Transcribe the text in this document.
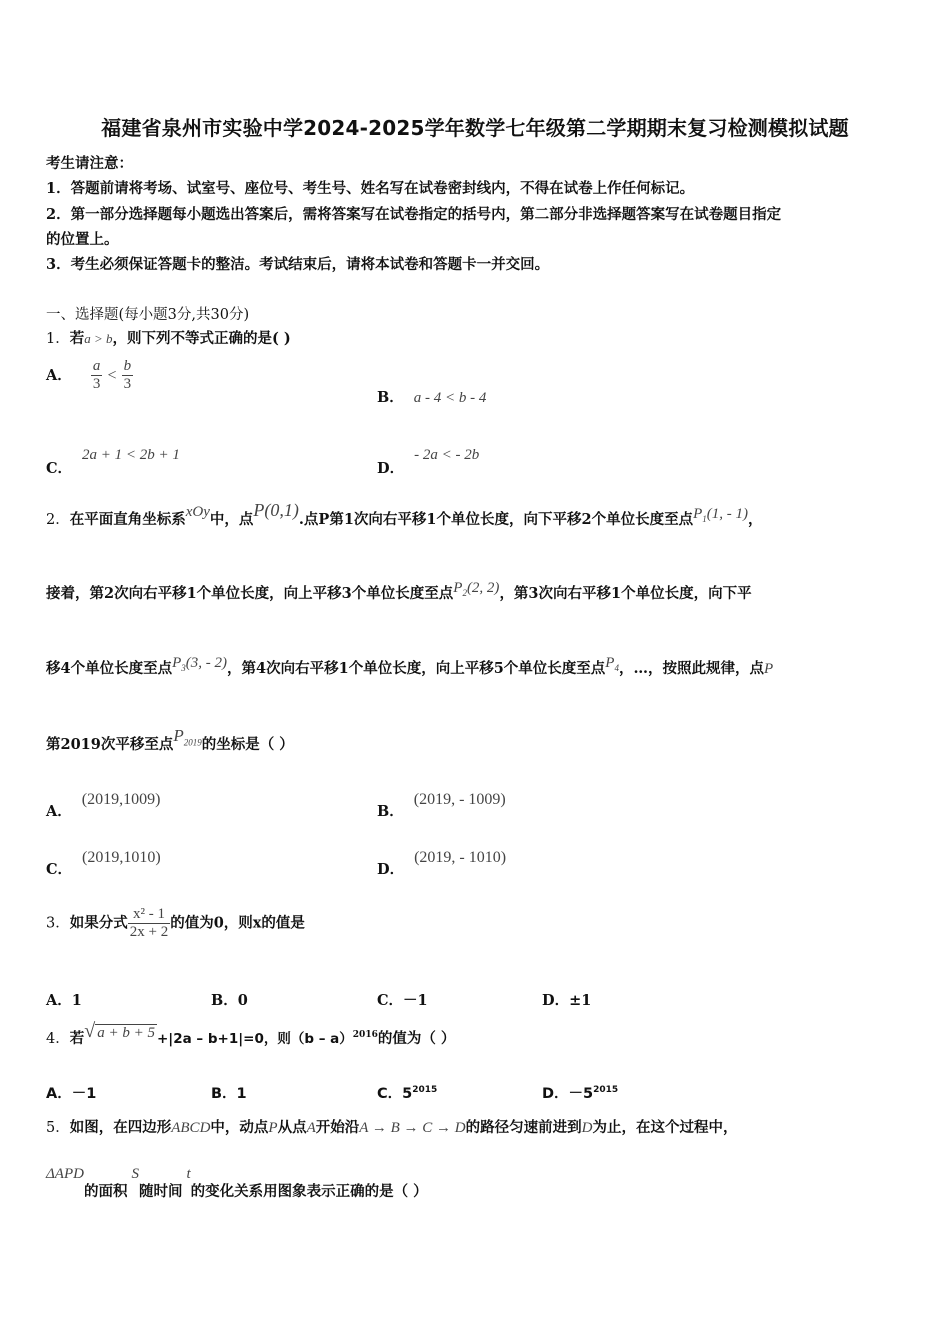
福建省泉州市实验中学2024-2025学年数学七年级第二学期期末复习检测模拟试题
考生请注意：
1．答题前请将考场、试室号、座位号、考生号、姓名写在试卷密封线内，不得在试卷上作任何标记。
2．第一部分选择题每小题选出答案后，需将答案写在试卷指定的括号内，第二部分非选择题答案写在试卷题目指定
的位置上。
3．考生必须保证答题卡的整洁。考试结束后，请将本试卷和答题卡一并交回。
一、选择题(每小题3分,共30分)
1．若a > b，则下列不等式正确的是( )
A． $\frac{a}{3} < \frac{b}{3}$
B． a - 4 < b - 4
C．2a + 1 < 2b + 1
D．- 2a < - 2b
2．在平面直角坐标系xOy中，点P(0,1).点P第1次向右平移1个单位长度，向下平移2个单位长度至点$P_1(1$, - 1)，
接着，第2次向右平移1个单位长度，向上平移3个单位长度至点$P_2(2$, 2)，第3次向右平移1个单位长度，向下平
移4个单位长度至点$P_3(3$, - 2)，第4次向右平移1个单位长度，向上平移5个单位长度至点$P_4$，…，按照此规律，点P
第2019次平移至点$P_{2019}$的坐标是（ ）
A．(2019,1009)
B．(2019, - 1009)
C．(2019,1010)
D．(2019, - 1010)
3．如果分式 $\frac{\text{x² - 1}}{2x + 2}$ 的值为0，则x的值是
A．1	B．0	C．－1	D．±1
4．若√ a + b + 5 +|2a – b+1|=0，则（b – a）$^{2016}$的值为（ ）
A．－1	B．1	C．$5^{2015}$	D．$-5^{2015}$
5．如图，在四边形ABCD中，动点P从点A开始沿A → B → C → D的路径匀速前进到D为止，在这个过程中，
ΔAPD的面积S随时间t的变化关系用图象表示正确的是（ ）
